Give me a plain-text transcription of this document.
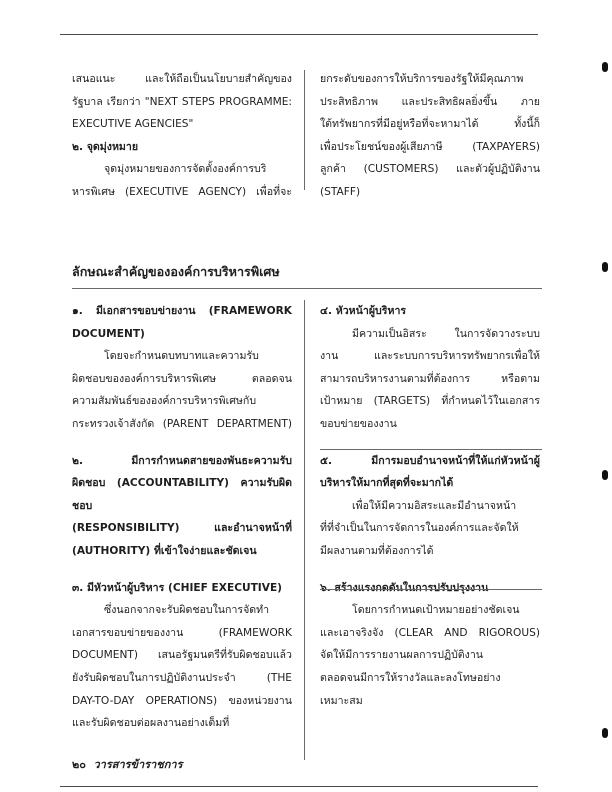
เสนอแนะ และให้ถือเป็นนโยบายสำคัญของ

รัฐบาล เรียกว่า "NEXT STEPS PROGRAMME:

EXECUTIVE AGENCIES"

๒. จุดมุ่งหมาย

จุดมุ่งหมายของการจัดตั้งองค์การบริ

หารพิเศษ (EXECUTIVE AGENCY) เพื่อที่จะ

ยกระดับของการให้บริการของรัฐให้มีคุณภาพ

ประสิทธิภาพ และประสิทธิผลยิ่งขึ้น ภาย

ใต้ทรัพยากรที่มีอยู่หรือที่จะหามาได้ ทั้งนี้ก็

เพื่อประโยชน์ของผู้เสียภาษี (TAXPAYERS)

ลูกค้า (CUSTOMERS) และตัวผู้ปฏิบัติงาน

(STAFF)

ลักษณะสำคัญขององค์การบริหารพิเศษ

๑. มีเอกสารขอบข่ายงาน (FRAMEWORK

DOCUMENT)

โดยจะกำหนดบทบาทและความรับ

ผิดชอบขององค์การบริหารพิเศษ ตลอดจน

ความสัมพันธ์ขององค์การบริหารพิเศษกับ

กระทรวงเจ้าสังกัด (PARENT DEPARTMENT)

๒. มีการกำหนดสายของพันธะความรับ

ผิดชอบ (ACCOUNTABILITY) ความรับผิดชอบ

(RESPONSIBILITY) และอำนาจหน้าที่

(AUTHORITY) ที่เข้าใจง่ายและชัดเจน

๓. มีหัวหน้าผู้บริหาร (CHIEF EXECUTIVE)

ซึ่งนอกจากจะรับผิดชอบในการจัดทำ

เอกสารขอบข่ายของงาน (FRAMEWORK

DOCUMENT) เสนอรัฐมนตรีที่รับผิดชอบแล้ว

ยังรับผิดชอบในการปฏิบัติงานประจำ (THE

DAY-TO-DAY OPERATIONS) ของหน่วยงาน

และรับผิดชอบต่อผลงานอย่างเต็มที่

๔. หัวหน้าผู้บริหาร

มีความเป็นอิสระ ในการจัดวางระบบ

งาน และระบบการบริหารทรัพยากรเพื่อให้

สามารถบริหารงานตามที่ต้องการ หรือตาม

เป้าหมาย (TARGETS) ที่กำหนดไว้ในเอกสาร

ขอบข่ายของงาน

๕. มีการมอบอำนาจหน้าที่ให้แก่หัวหน้าผู้

บริหารให้มากที่สุดที่จะมากได้

เพื่อให้มีความอิสระและมีอำนาจหน้า

ที่ที่จำเป็นในการจัดการในองค์การและจัดให้

มีผลงานตามที่ต้องการได้

๖. สร้างแรงกดดันในการปรับปรุงงาน

โดยการกำหนดเป้าหมายอย่างชัดเจน

และเอาจริงจัง (CLEAR AND RIGOROUS)

จัดให้มีการรายงานผลการปฏิบัติงาน

ตลอดจนมีการให้รางวัลและลงโทษอย่าง

เหมาะสม

๒๐ วารสารข้าราชการ
